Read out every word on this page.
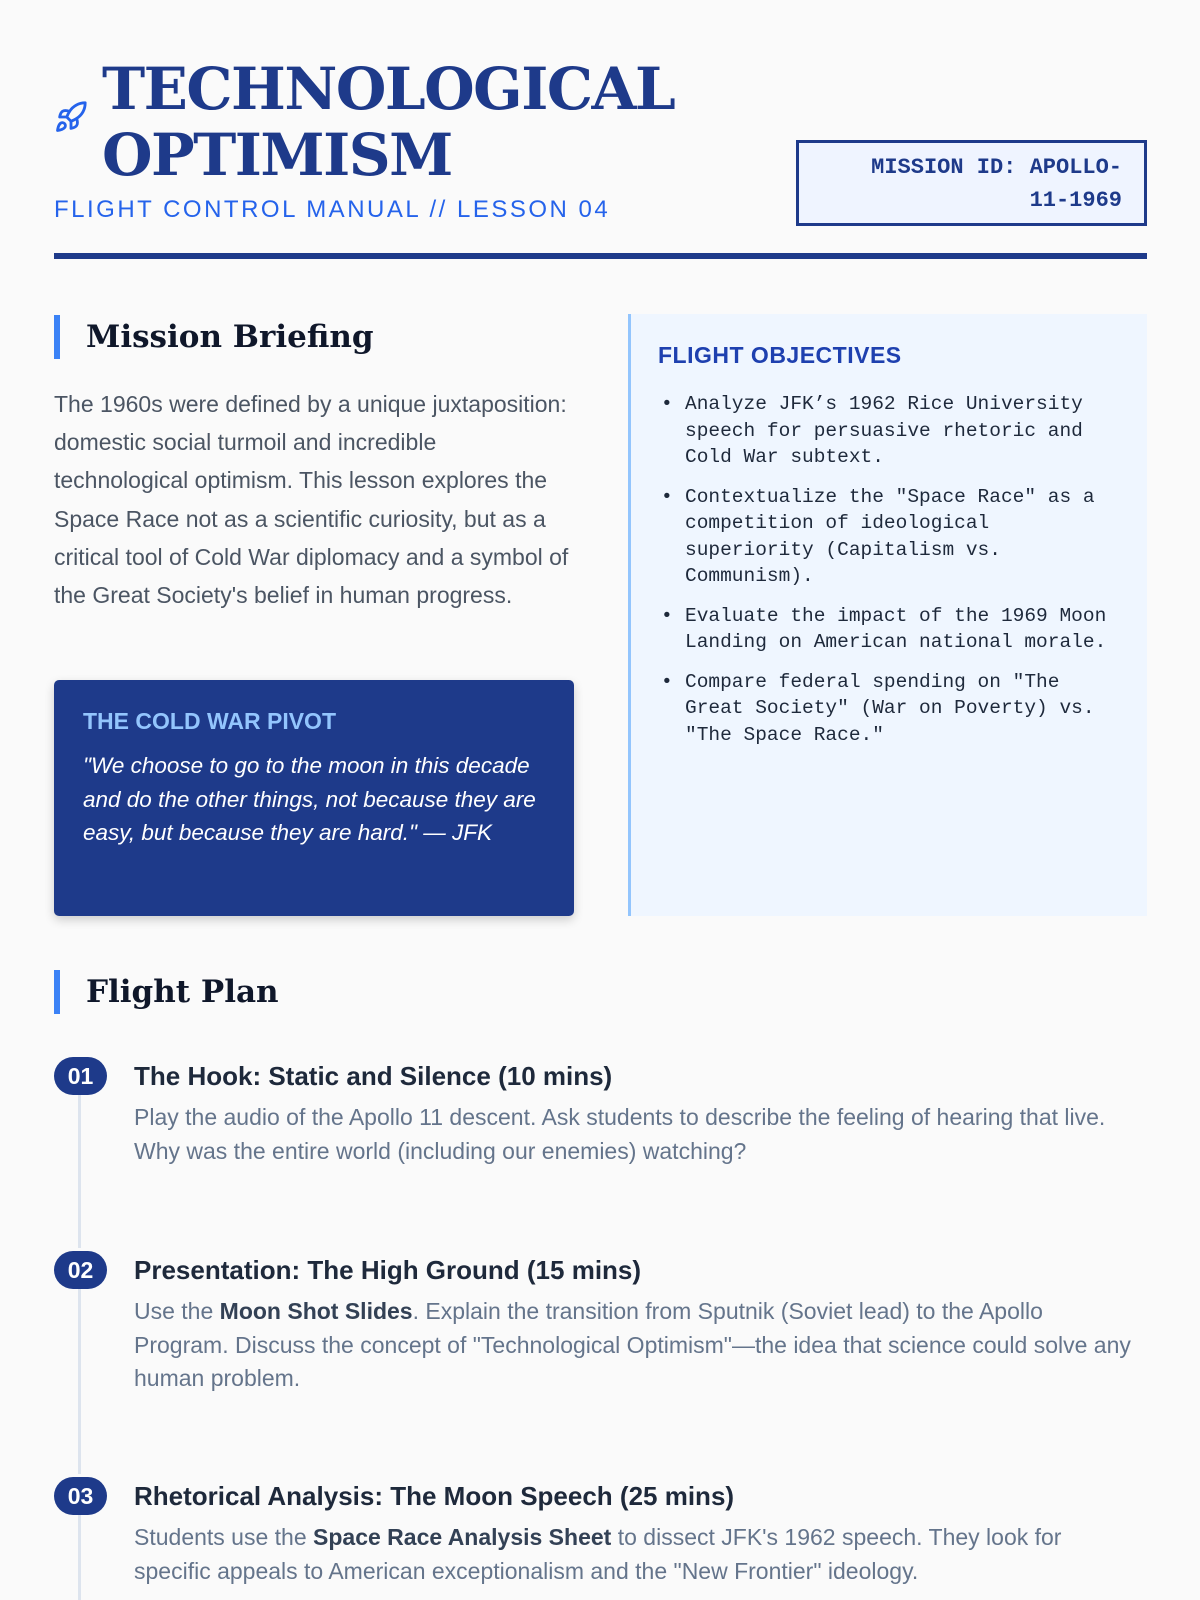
TECHNOLOGICAL
OPTIMISM
FLIGHT CONTROL MANUAL // LESSON 04
MISSION ID: APOLLO-
11-1969
Mission Briefing

The 1960s were defined by a unique juxtaposition: domestic social turmoil and incredible technological optimism. This lesson explores the Space Race not as a scientific curiosity, but as a critical tool of Cold War diplomacy and a symbol of the Great Society's belief in human progress.

THE COLD WAR PIVOT
"We choose to go to the moon in this decade and do the other things, not because they are easy, but because they are hard." — JFK
FLIGHT OBJECTIVES
• Analyze JFK’s 1962 Rice University speech for persuasive rhetoric and Cold War subtext.
• Contextualize the "Space Race" as a competition of ideological superiority (Capitalism vs. Communism).
• Evaluate the impact of the 1969 Moon Landing on American national morale.
• Compare federal spending on "The Great Society" (War on Poverty) vs. "The Space Race."
Flight Plan
01	The Hook: Static and Silence (10 mins)
Play the audio of the Apollo 11 descent. Ask students to describe the feeling of hearing that live. Why was the entire world (including our enemies) watching?
02	Presentation: The High Ground (15 mins)
Use the Moon Shot Slides. Explain the transition from Sputnik (Soviet lead) to the Apollo Program. Discuss the concept of "Technological Optimism"—the idea that science could solve any human problem.
03	Rhetorical Analysis: The Moon Speech (25 mins)
Students use the Space Race Analysis Sheet to dissect JFK's 1962 speech. They look for specific appeals to American exceptionalism and the "New Frontier" ideology.
